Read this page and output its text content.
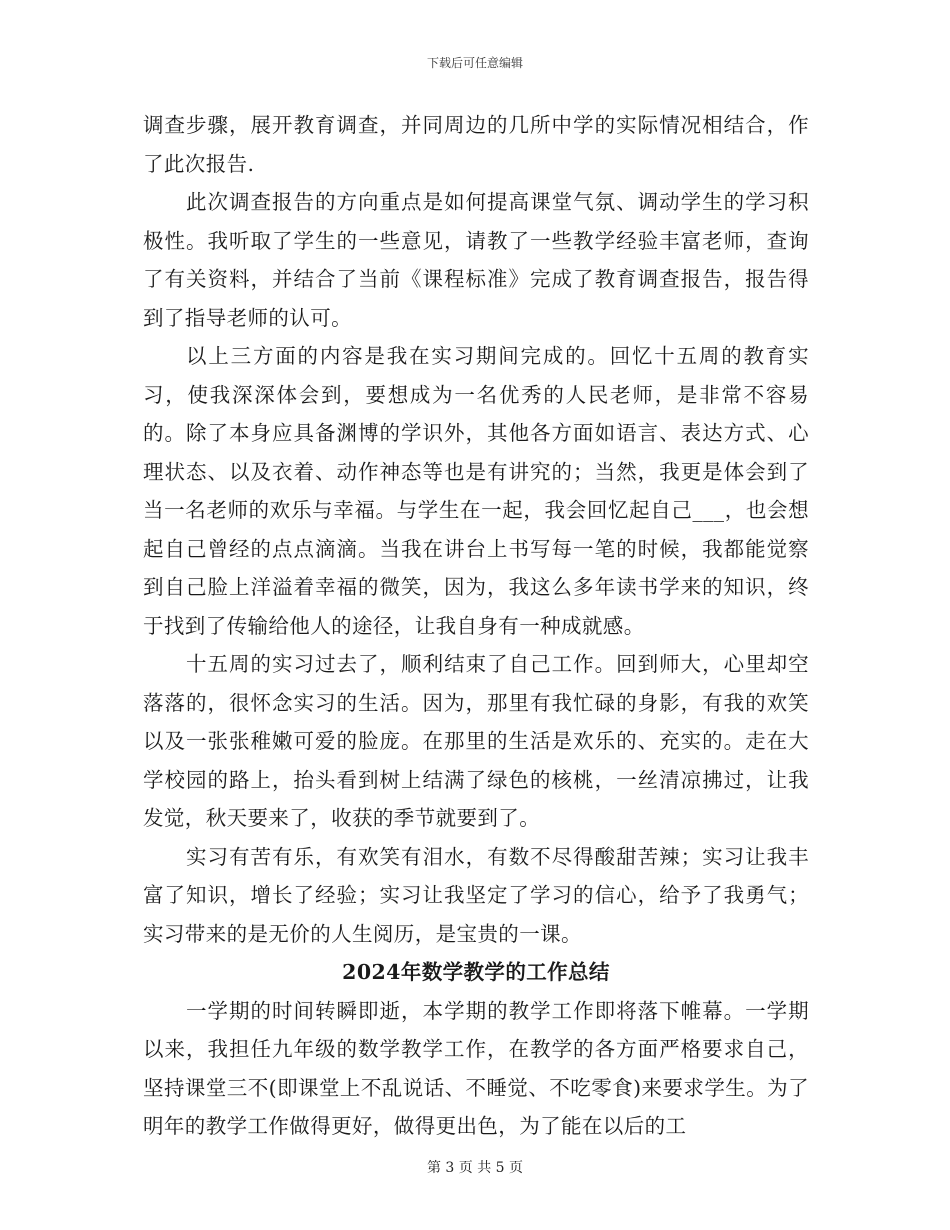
下载后可任意编辑

调查步骤，展开教育调查，并同周边的几所中学的实际情况相结合，作了此次报告.

此次调查报告的方向重点是如何提高课堂气氛、调动学生的学习积极性。我听取了学生的一些意见，请教了一些教学经验丰富老师，查询了有关资料，并结合了当前《课程标准》完成了教育调查报告，报告得到了指导老师的认可。

以上三方面的内容是我在实习期间完成的。回忆十五周的教育实习，使我深深体会到，要想成为一名优秀的人民老师，是非常不容易的。除了本身应具备渊博的学识外，其他各方面如语言、表达方式、心理状态、以及衣着、动作神态等也是有讲究的；当然，我更是体会到了当一名老师的欢乐与幸福。与学生在一起，我会回忆起自己___，也会想起自己曾经的点点滴滴。当我在讲台上书写每一笔的时候，我都能觉察到自己脸上洋溢着幸福的微笑，因为，我这么多年读书学来的知识，终于找到了传输给他人的途径，让我自身有一种成就感。

十五周的实习过去了，顺利结束了自己工作。回到师大，心里却空落落的，很怀念实习的生活。因为，那里有我忙碌的身影，有我的欢笑以及一张张稚嫩可爱的脸庞。在那里的生活是欢乐的、充实的。走在大学校园的路上，抬头看到树上结满了绿色的核桃，一丝清凉拂过，让我发觉，秋天要来了，收获的季节就要到了。

实习有苦有乐，有欢笑有泪水，有数不尽得酸甜苦辣；实习让我丰富了知识，增长了经验；实习让我坚定了学习的信心，给予了我勇气；实习带来的是无价的人生阅历，是宝贵的一课。

2024年数学教学的工作总结

一学期的时间转瞬即逝，本学期的教学工作即将落下帷幕。一学期以来，我担任九年级的数学教学工作，在教学的各方面严格要求自己，坚持课堂三不(即课堂上不乱说话、不睡觉、不吃零食)来要求学生。为了明年的教学工作做得更好，做得更出色，为了能在以后的工

第 3 页 共 5 页
